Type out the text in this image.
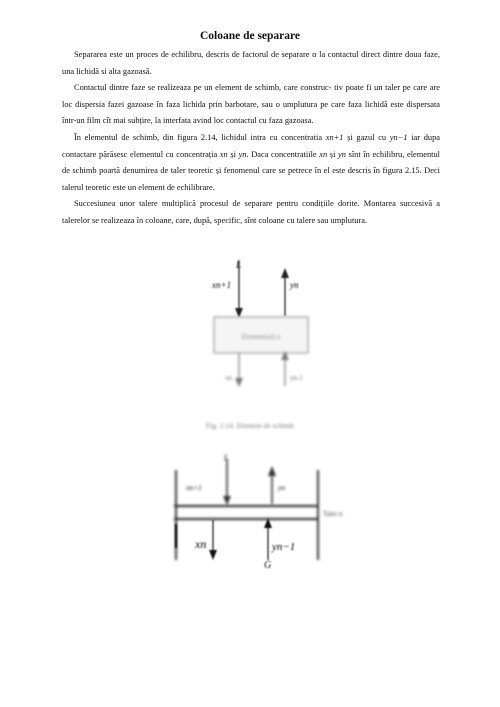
Coloane de separare

Separarea este un proces de echilibru, descris de factorul de separare α la contactul direct dintre doua faze, una lichidă si alta gazoasă.

Contactul dintre faze se realizeaza pe un element de schimb, care construc- tiv poate fi un taler pe care are loc dispersia fazei gazoase în faza lichida prin barbotare, sau o umplutura pe care faza lichidă este dispersata într-un film cît mai subțire, la interfata avind loc contactul cu faza gazoasa.

În elementul de schimb, din figura 2.14, lichidul intra cu concentratia xn+1 și gazul cu yn−1 iar dupa contactare părăsesc elementul cu concentrația xn și yn. Daca concentratiile xn și yn sînt în echilibru, elementul de schimb poartă denumirea de taler teoretic și fenomenul care se petrece în el este descris în figura 2.15. Deci talerul teoretic este un element de echilibrare.

Succesiunea unor talere multiplică procesul de separare pentru condițiile dorite. Montarea succesivă a talerelor se realizeaza în coloane, care, după, specific, sînt coloane cu talere sau umplutura.

L
xn+1	yn
Element(ul) n
xn	yn-1
Fig. 2.14. Element de schimb
L
xn+1	yn
Taler n
xn	yn−1
G
